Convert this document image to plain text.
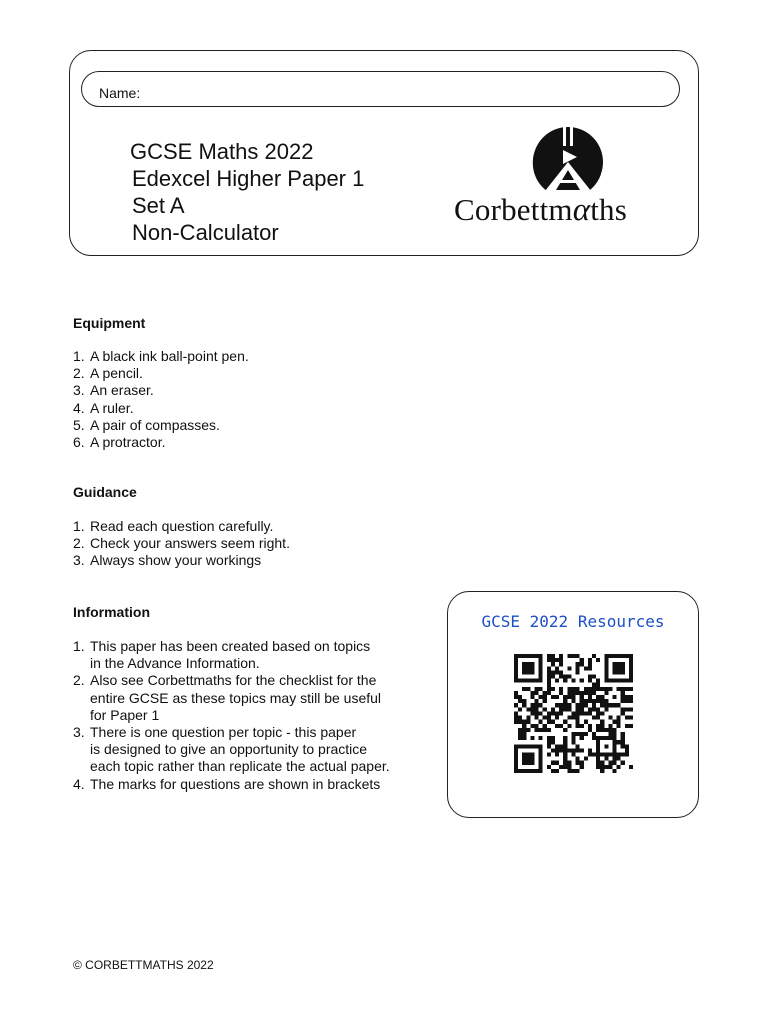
Name:
GCSE Maths 2022
Edexcel Higher Paper 1
Set A
Non-Calculator
Corbettmαths
Equipment
1. A black ink ball-point pen.
2. A pencil.
3. An eraser.
4. A ruler.
5. A pair of compasses.
6. A protractor.
Guidance
1. Read each question carefully.
2. Check your answers seem right.
3. Always show your workings
Information
1. This paper has been created based on topics
in the Advance Information.
2. Also see Corbettmaths for the checklist for the
entire GCSE as these topics may still be useful
for Paper 1
3. There is one question per topic - this paper
is designed to give an opportunity to practice
each topic rather than replicate the actual paper.
4. The marks for questions are shown in brackets
GCSE 2022 Resources
© CORBETTMATHS 2022
